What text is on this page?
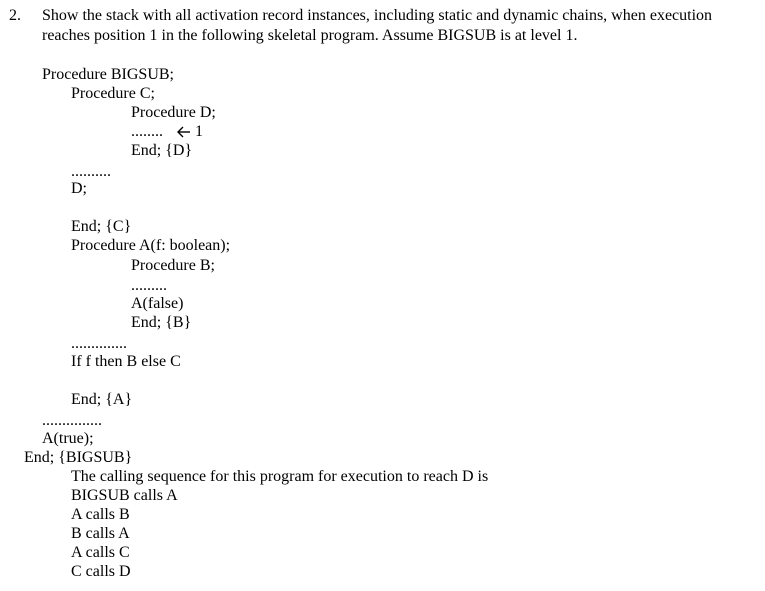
2. Show the stack with all activation record instances, including static and dynamic chains, when execution
reaches position 1 in the following skeletal program. Assume BIGSUB is at level 1.
Procedure BIGSUB;
Procedure C;
Procedure D;
........ 1
End; {D}
..........
D;
End; {C}
Procedure A(f: boolean);
Procedure B;
.........
A(false)
End; {B}
..............
If f then B else C
End; {A}
...............
A(true);
End; {BIGSUB}
The calling sequence for this program for execution to reach D is
BIGSUB calls A
A calls B
B calls A
A calls C
C calls D
